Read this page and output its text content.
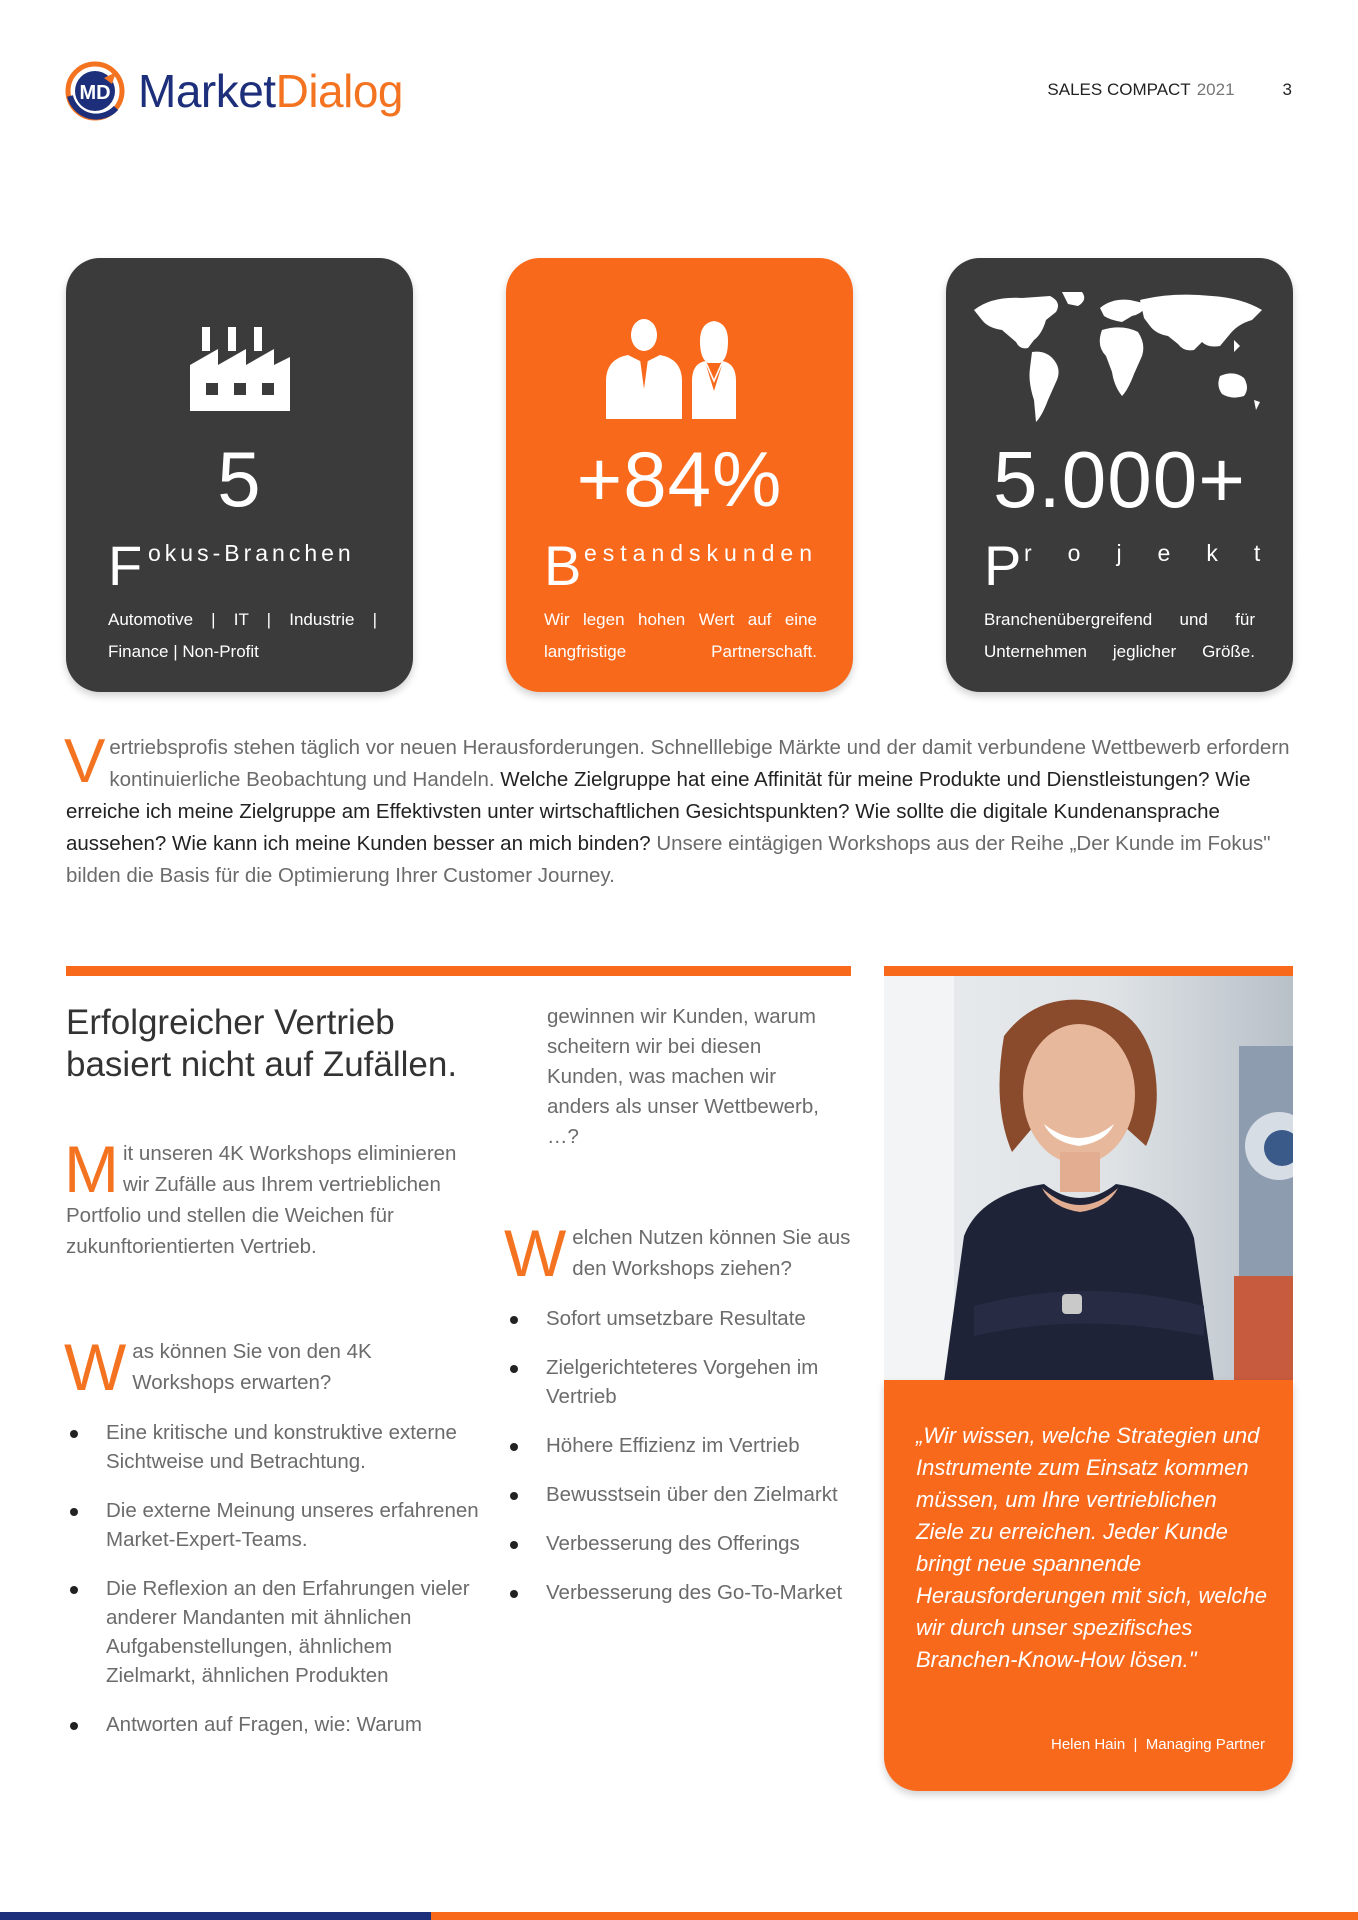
MD MarketDialog	SALES COMPACT 2021	3
5
F okus-Branchen
Automotive  |  IT  |  Industrie  |  Finance | Non-Profit
+84%
B estandskunden
Wir legen hohen Wert auf eine langfristige Partnerschaft.
5.000+
P rojekte
Branchenübergreifend und für Unternehmen jeglicher Größe.
Vertriebsprofis stehen täglich vor neuen Herausforderungen. Schnelllebige Märkte und der damit verbundene Wettbewerb erfordern kontinuierliche Beobachtung und Handeln. Welche Zielgruppe hat eine Affinität für meine Produkte und Dienstleistungen? Wie erreiche ich meine Zielgruppe am Effektivsten unter wirtschaftlichen Gesichtspunkten? Wie sollte die digitale Kundenansprache aussehen? Wie kann ich meine Kunden besser an mich binden? Unsere eintägigen Workshops aus der Reihe „Der Kunde im Fokus" bilden die Basis für die Optimierung Ihrer Customer Journey.
Erfolgreicher Vertrieb basiert nicht auf Zufällen.
Mit unseren 4K Workshops eliminieren wir Zufälle aus Ihrem vertrieblichen Portfolio und stellen die Weichen für zukunftorientierten Vertrieb.
Was können Sie von den 4K Workshops erwarten?
Eine kritische und konstruktive externe Sichtweise und Betrachtung.
Die externe Meinung unseres erfahrenen Market-Expert-Teams.
Die Reflexion an den Erfahrungen vieler anderer Mandanten mit ähnlichen Aufgabenstellungen, ähnlichem Zielmarkt, ähnlichen Produkten
Antworten auf Fragen, wie: Warum
gewinnen wir Kunden, warum scheitern wir bei diesen Kunden, was machen wir anders als unser Wettbewerb, …?
Welchen Nutzen können Sie aus den Workshops ziehen?
Sofort umsetzbare Resultate
Zielgerichteteres Vorgehen im Vertrieb
Höhere Effizienz im Vertrieb
Bewusstsein über den Zielmarkt
Verbesserung des Offerings
Verbesserung des Go-To-Market
„Wir wissen, welche Strategien und Instrumente zum Einsatz kommen müssen, um Ihre vertrieblichen Ziele zu erreichen. Jeder Kunde bringt neue spannende Herausforderungen mit sich, welche wir durch unser spezifisches Branchen-Know-How lösen."
Helen Hain  |  Managing Partner
